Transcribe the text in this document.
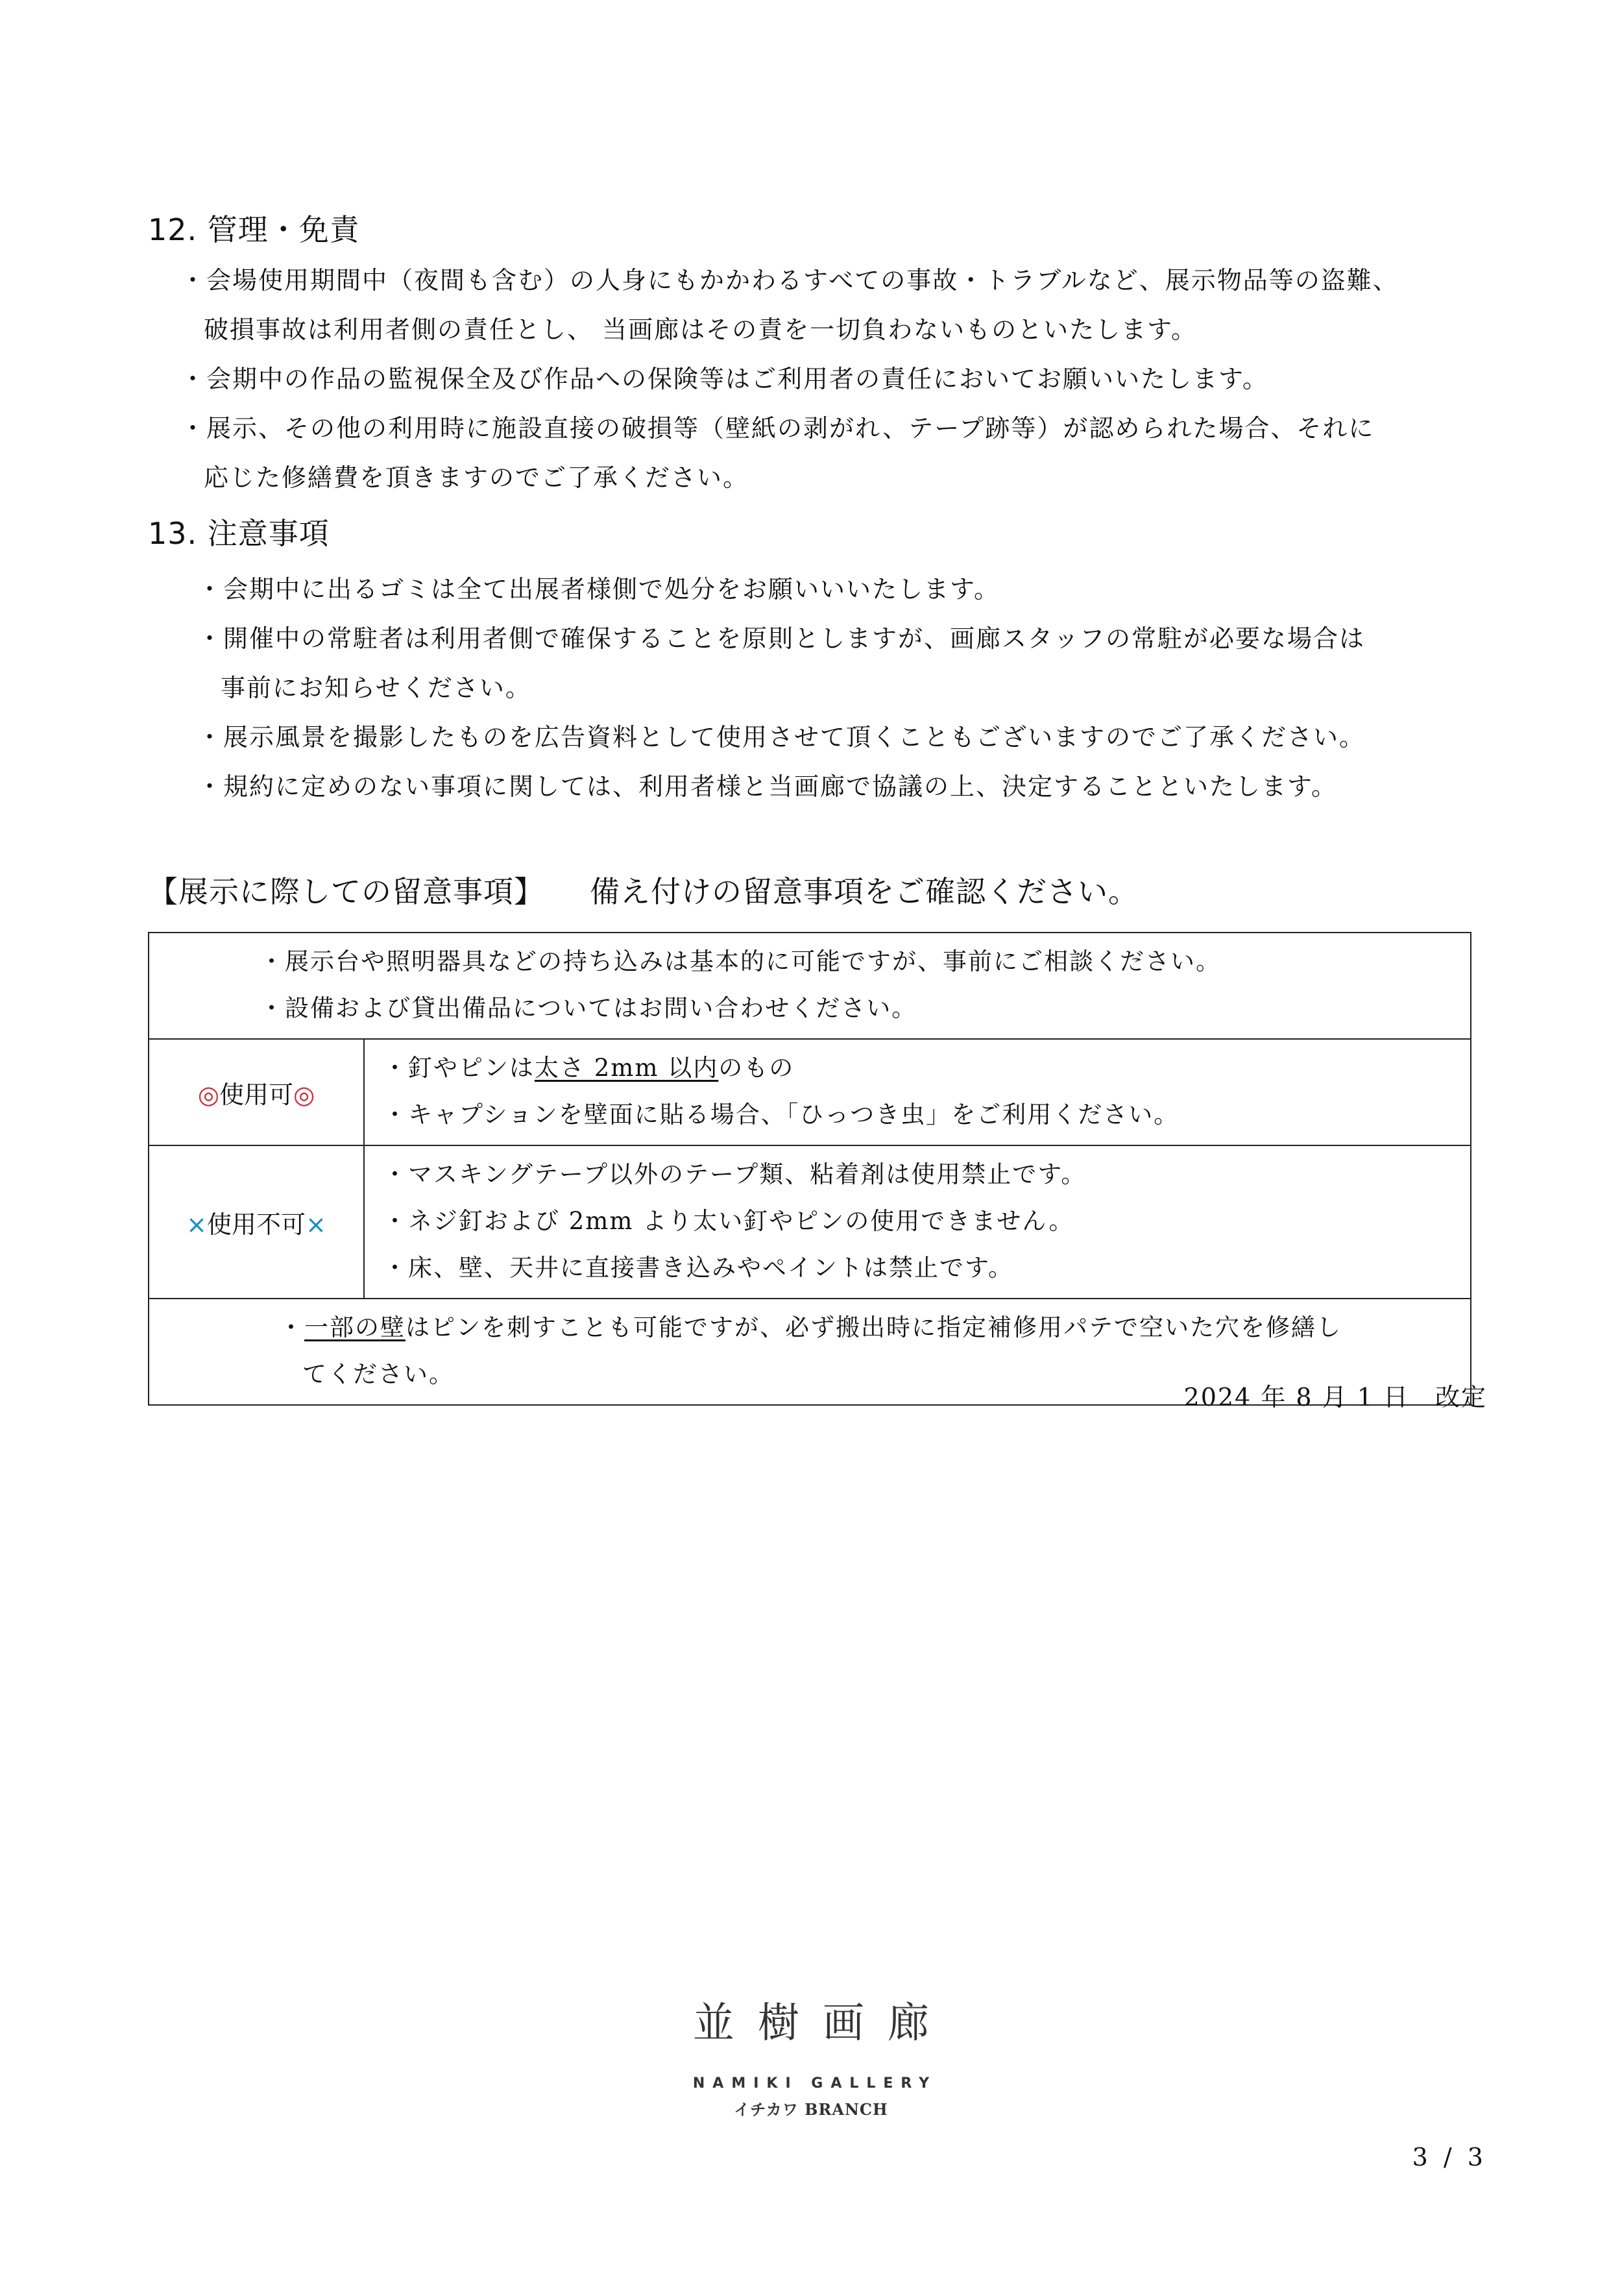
12. 管理・免責
・会場使用期間中（夜間も含む）の人身にもかかわるすべての事故・トラブルなど、展示物品等の盗難、
破損事故は利用者側の責任とし、 当画廊はその責を一切負わないものといたします。
・会期中の作品の監視保全及び作品への保険等はご利用者の責任においてお願いいたします。
・展示、その他の利用時に施設直接の破損等（壁紙の剥がれ、テープ跡等）が認められた場合、それに
応じた修繕費を頂きますのでご了承ください。
13. 注意事項
・会期中に出るゴミは全て出展者様側で処分をお願いいいたします。
・開催中の常駐者は利用者側で確保することを原則としますが、画廊スタッフの常駐が必要な場合は
事前にお知らせください。
・展示風景を撮影したものを広告資料として使用させて頂くこともございますのでご了承ください。
・規約に定めのない事項に関しては、利用者様と当画廊で協議の上、決定することといたします。
【展示に際しての留意事項】 備え付けの留意事項をご確認ください。
・展示台や照明器具などの持ち込みは基本的に可能ですが、事前にご相談ください。
・設備および貸出備品についてはお問い合わせください。	

◎使用可◎	・釘やピンは太さ 2mm 以内のもの
・キャプションを壁面に貼る場合、「ひっつき虫」をご利用ください。

×使用不可×	・マスキングテープ以外のテープ類、粘着剤は使用禁止です。
・ネジ釘および 2mm より太い釘やピンの使用できません。
・床、壁、天井に直接書き込みやペイントは禁止です。

・一部の壁はピンを刺すことも可能ですが、必ず搬出時に指定補修用パテで空いた穴を修繕し
てください。	
2024 年 8 月 1 日　改定
並樹画廊
NAMIKI GALLERY
イチカワ BRANCH
3 / 3
